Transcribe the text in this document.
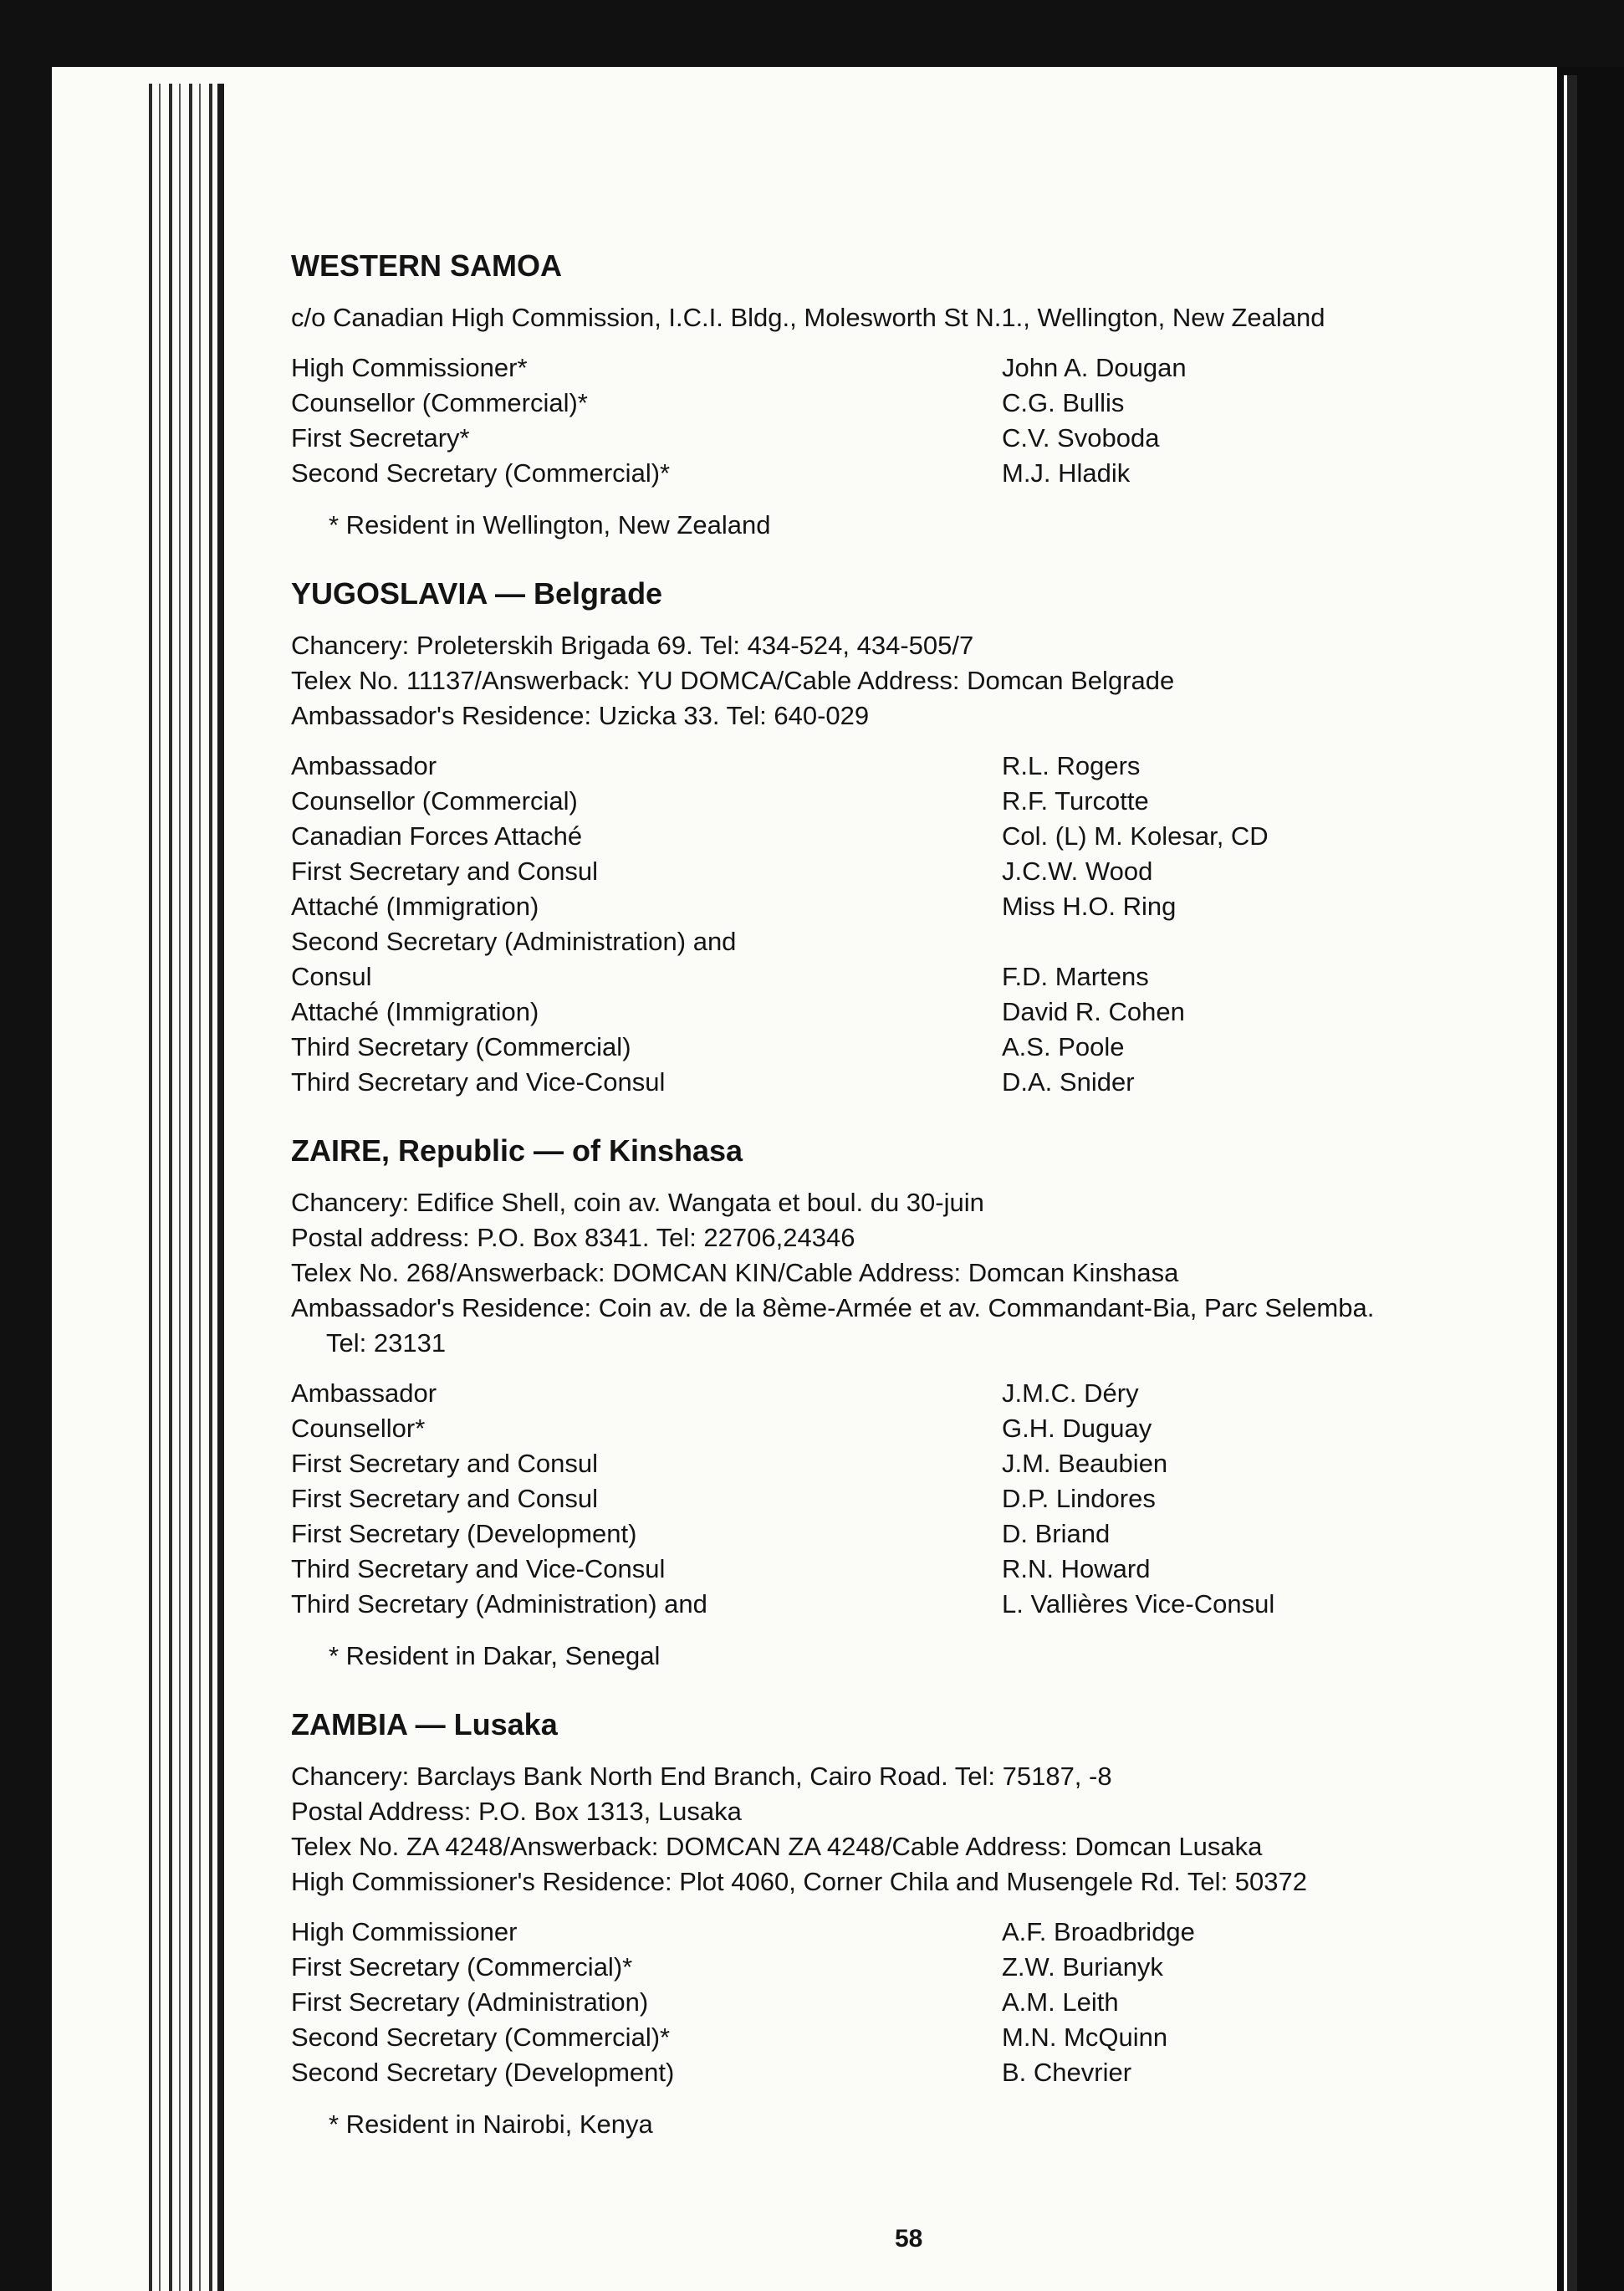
WESTERN SAMOA
c/o Canadian High Commission, I.C.I. Bldg., Molesworth St N.1., Wellington, New Zealand
High Commissioner*	John A. Dougan
Counsellor (Commercial)*	C.G. Bullis
First Secretary*	C.V. Svoboda
Second Secretary (Commercial)*	M.J. Hladik
* Resident in Wellington, New Zealand
YUGOSLAVIA — Belgrade
Chancery: Proleterskih Brigada 69. Tel: 434-524, 434-505/7
Telex No. 11137/Answerback: YU DOMCA/Cable Address: Domcan Belgrade
Ambassador's Residence: Uzicka 33. Tel: 640-029
Ambassador	R.L. Rogers
Counsellor (Commercial)	R.F. Turcotte
Canadian Forces Attaché	Col. (L) M. Kolesar, CD
First Secretary and Consul	J.C.W. Wood
Attaché (Immigration)	Miss H.O. Ring
Second Secretary (Administration) and
Consul	F.D. Martens
Attaché (Immigration)	David R. Cohen
Third Secretary (Commercial)	A.S. Poole
Third Secretary and Vice-Consul	D.A. Snider
ZAIRE, Republic — of Kinshasa
Chancery: Edifice Shell, coin av. Wangata et boul. du 30-juin
Postal address: P.O. Box 8341. Tel: 22706,24346
Telex No. 268/Answerback: DOMCAN KIN/Cable Address: Domcan Kinshasa
Ambassador's Residence: Coin av. de la 8ème-Armée et av. Commandant-Bia, Parc Selemba.
Tel: 23131
Ambassador	J.M.C. Déry
Counsellor*	G.H. Duguay
First Secretary and Consul	J.M. Beaubien
First Secretary and Consul	D.P. Lindores
First Secretary (Development)	D. Briand
Third Secretary and Vice-Consul	R.N. Howard
Third Secretary (Administration) and	L. Vallières Vice-Consul
* Resident in Dakar, Senegal
ZAMBIA — Lusaka
Chancery: Barclays Bank North End Branch, Cairo Road. Tel: 75187, -8
Postal Address: P.O. Box 1313, Lusaka
Telex No. ZA 4248/Answerback: DOMCAN ZA 4248/Cable Address: Domcan Lusaka
High Commissioner's Residence: Plot 4060, Corner Chila and Musengele Rd. Tel: 50372
High Commissioner	A.F. Broadbridge
First Secretary (Commercial)*	Z.W. Burianyk
First Secretary (Administration)	A.M. Leith
Second Secretary (Commercial)*	M.N. McQuinn
Second Secretary (Development)	B. Chevrier
* Resident in Nairobi, Kenya
58
